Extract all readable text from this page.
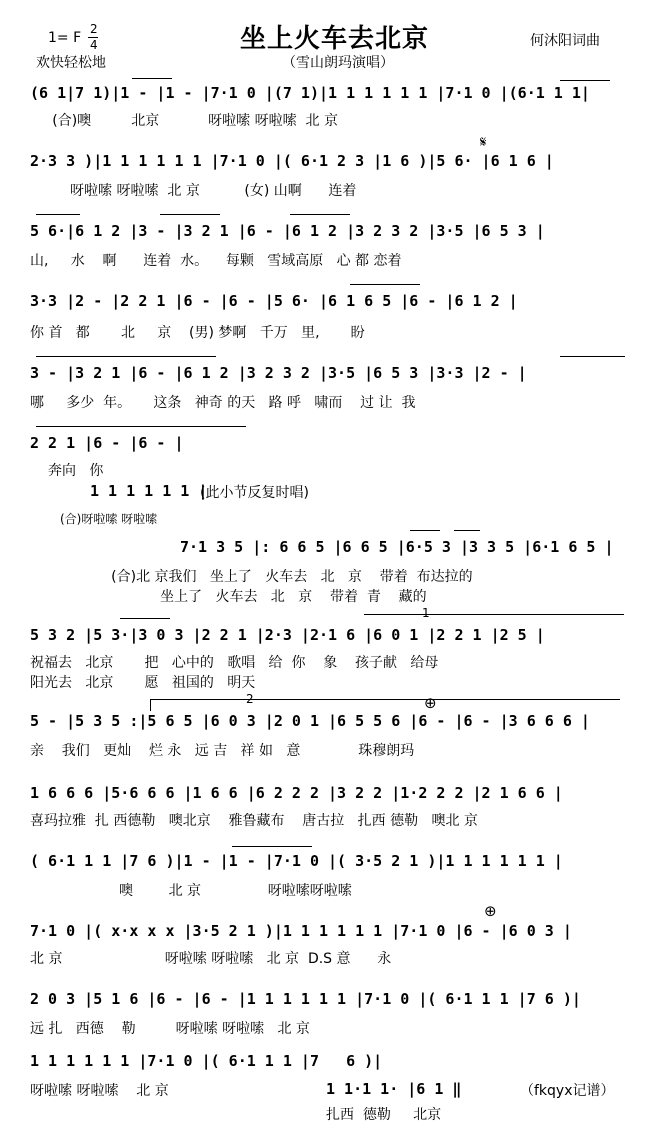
1= F
2
4	坐上火车去北京	何沐阳词曲
欢快轻松地	（雪山朗玛演唱）
(6 1|7 1)|1 - |1 - |7·1 0 |(7 1)|1 1 1 1 1 1 |7·1 0 |(6·1 1 1|
(合)噢         北京           呀啦嗦 呀啦嗦  北 京
𝄋
2·3 3 )|1 1 1 1 1 1 |7·1 0 |( 6·1 2 3 |1 6 )|5 6· |6 1 6 |
呀啦嗦 呀啦嗦  北 京          (女) 山啊      连着
5 6·|6 1 2 |3 - |3 2 1 |6 - |6 1 2 |3 2 3 2 |3·5 |6 5 3 |
山,     水    啊      连着  水。    每颗   雪域高原   心 都 恋着
3·3 |2 - |2 2 1 |6 - |6 - |5 6· |6 1 6 5 |6 - |6 1 2 |
你 首   都       北     京    (男) 梦啊   千万   里,       盼
3 - |3 2 1 |6 - |6 1 2 |3 2 3 2 |3·5 |6 5 3 |3·3 |2 - |
哪     多少  年。     这条   神奇 的天   路 呼   啸而    过 让  我
2 2 1 |6 - |6 - |
奔向   你
1 1 1 1 1 1 |
(此小节反复时唱)
(合)呀啦嗦 呀啦嗦
7·1 3 5 |: 6 6 5 |6 6 5 |6·5 3 |3 3 5 |6·1 6 5 |
(合)北 京我们   坐上了   火车去   北   京    带着  布达拉的
坐上了   火车去   北   京    带着  青    藏的
1
5 3 2 |5 3·|3 0 3 |2 2 1 |2·3 |2·1 6 |6 0 1 |2 2 1 |2 5 |
祝福去   北京       把   心中的   歌唱   给  你    象    孩子献   给母
阳光去   北京       愿   祖国的   明天
2	⊕
5 - |5 3 5 :|5 6 5 |6 0 3 |2 0 1 |6 5 5 6 |6 - |6 - |3 6 6 6 |
亲    我们   更灿    烂 永   远 吉   祥 如   意             珠穆朗玛
1 6 6 6 |5·6 6 6 |1 6 6 |6 2 2 2 |3 2 2 |1·2 2 2 |2 1 6 6 |
喜玛拉雅  扎 西德勒   噢北京    雅鲁藏布    唐古拉   扎西 德勒   噢北 京
( 6·1 1 1 |7 6 )|1 - |1 - |7·1 0 |( 3·5 2 1 )|1 1 1 1 1 1 |
噢        北 京               呀啦嗦呀啦嗦
⊕
7·1 0 |( x·x x x |3·5 2 1 )|1 1 1 1 1 1 |7·1 0 |6 - |6 0 3 |
北 京                       呀啦嗦 呀啦嗦   北 京  D.S 意      永
2 0 3 |5 1 6 |6 - |6 - |1 1 1 1 1 1 |7·1 0 |( 6·1 1 1 |7 6 )|
远 扎   西德    勒         呀啦嗦 呀啦嗦   北 京
1 1 1 1 1 1 |7·1 0 |( 6·1 1 1 |7   6 )|
呀啦嗦 呀啦嗦    北 京	1 1·1 1· |6 1 ‖
扎西  德勒     北京
（fkqyx记谱）
